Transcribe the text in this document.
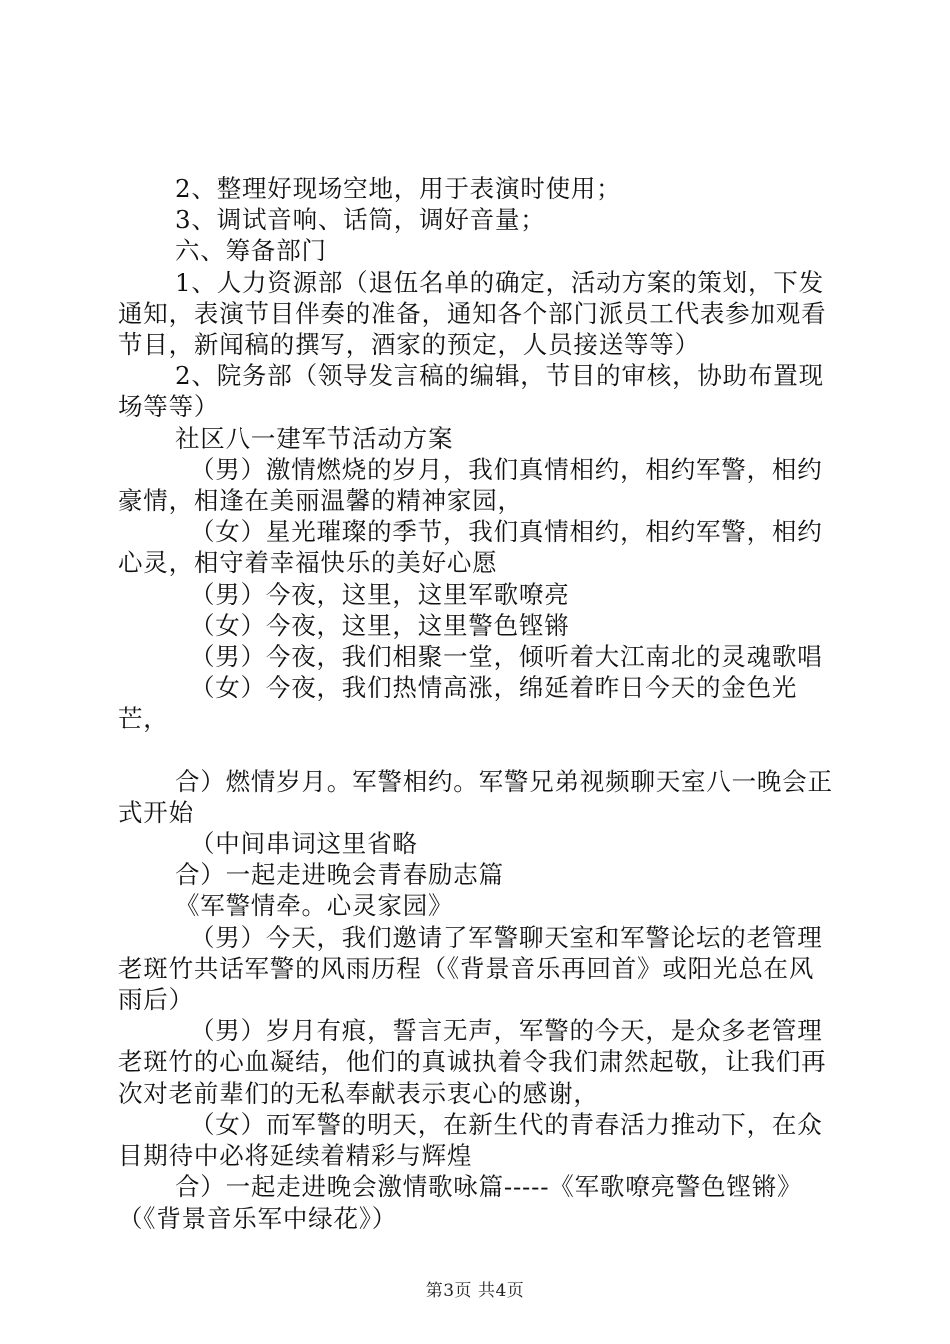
2、整理好现场空地，用于表演时使用；

3、调试音响、话筒，调好音量；

六、筹备部门

1、人力资源部（退伍名单的确定，活动方案的策划，下发通知，表演节目伴奏的准备，通知各个部门派员工代表参加观看节目，新闻稿的撰写，酒家的预定，人员接送等等）

2、院务部（领导发言稿的编辑，节目的审核，协助布置现场等等）

社区八一建军节活动方案

（男）激情燃烧的岁月，我们真情相约，相约军警，相约豪情，相逢在美丽温馨的精神家园，

（女）星光璀璨的季节，我们真情相约，相约军警，相约心灵，相守着幸福快乐的美好心愿

（男）今夜，这里，这里军歌嘹亮

（女）今夜，这里，这里警色铿锵

（男）今夜，我们相聚一堂，倾听着大江南北的灵魂歌唱

（女）今夜，我们热情高涨，绵延着昨日今天的金色光芒，

合）燃情岁月。军警相约。军警兄弟视频聊天室八一晚会正式开始

（中间串词这里省略

合）一起走进晚会青春励志篇

《军警情牵。心灵家园》

（男）今天，我们邀请了军警聊天室和军警论坛的老管理老斑竹共话军警的风雨历程（《背景音乐再回首》或阳光总在风雨后）

（男）岁月有痕，誓言无声，军警的今天，是众多老管理老斑竹的心血凝结，他们的真诚执着令我们肃然起敬，让我们再次对老前辈们的无私奉献表示衷心的感谢，

（女）而军警的明天，在新生代的青春活力推动下，在众目期待中必将延续着精彩与辉煌

合）一起走进晚会激情歌咏篇-----《军歌嘹亮警色铿锵》

（《背景音乐军中绿花》）

第3页 共4页
